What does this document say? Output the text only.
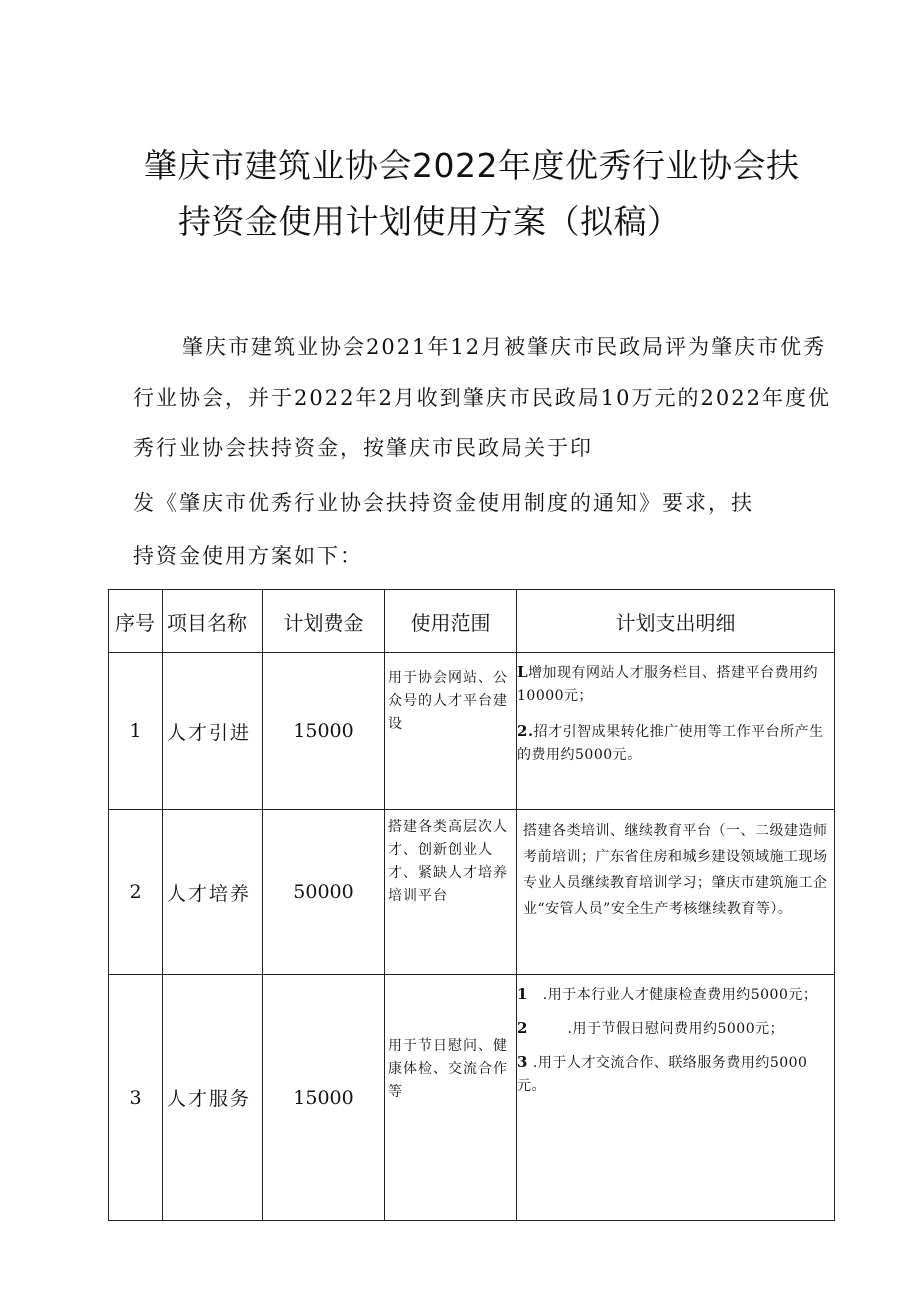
肇庆市建筑业协会2022年度优秀行业协会扶

持资金使用计划使用方案（拟稿）

肇庆市建筑业协会2021年12月被肇庆市民政局评为肇庆市优秀

行业协会，并于2022年2月收到肇庆市民政局10万元的2022年度优

秀行业协会扶持资金，按肇庆市民政局关于印

发《肇庆市优秀行业协会扶持资金使用制度的通知》要求，扶

持资金使用方案如下：

序号	项目名称	计划费金	使用范围	计划支出明细
1	人才引进	15000	用于协会网站、公众号的人才平台建设	L增加现有网站人才服务栏目、搭建平台费用约10000元；
2.招才引智成果转化推广使用等工作平台所产生的费用约5000元。

2	人才培养	50000	搭建各类高层次人才、创新创业人才、紧缺人才培养培训平台	搭建各类培训、继续教育平台（一、二级建造师考前培训；广东省住房和城乡建设领域施工现场专业人员继续教育培训学习；肇庆市建筑施工企业“安管人员”安全生产考核继续教育等）。
3	人才服务	15000	用于节日慰问、健康体检、交流合作等	1 .用于本行业人才健康检查费用约5000元；
2 .用于节假日慰问费用约5000元；
3 .用于人才交流合作、联络服务费用约5000元。
